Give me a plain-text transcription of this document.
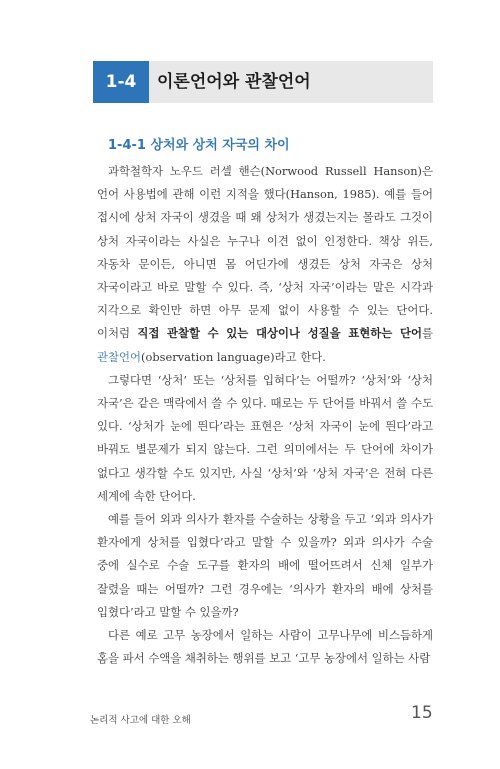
1-4	이론언어와 관찰언어
1-4-1 상처와 상처 자국의 차이

과학철학자 노우드 러셀 핸슨(Norwood Russell Hanson)은 언어 사용법에 관해 이런 지적을 했다(Hanson, 1985). 예를 들어 접시에 상처 자국이 생겼을 때 왜 상처가 생겼는지는 몰라도 그것이 상처 자국이라는 사실은 누구나 이견 없이 인정한다. 책상 위든, 자동차 문이든, 아니면 몸 어딘가에 생겼든 상처 자국은 상처 자국이라고 바로 말할 수 있다. 즉, ‘상처 자국’이라는 말은 시각과 지각으로 확인만 하면 아무 문제 없이 사용할 수 있는 단어다. 이처럼 직접 관찰할 수 있는 대상이나 성질을 표현하는 단어를 관찰언어(observation language)라고 한다.

그렇다면 ‘상처’ 또는 ‘상처를 입혀다’는 어떨까? ‘상처’와 ‘상처 자국’은 같은 맥락에서 쓸 수 있다. 때로는 두 단어를 바꿔서 쓸 수도 있다. ‘상처가 눈에 띈다’라는 표현은 ‘상처 자국이 눈에 띈다’라고 바꿔도 별문제가 되지 않는다. 그런 의미에서는 두 단어에 차이가 없다고 생각할 수도 있지만, 사실 ‘상처’와 ‘상처 자국’은 전혀 다른 세계에 속한 단어다.

예를 들어 외과 의사가 환자를 수술하는 상황을 두고 ‘외과 의사가 환자에게 상처를 입혔다’라고 말할 수 있을까? 외과 의사가 수술 중에 실수로 수술 도구를 환자의 배에 떨어뜨려서 신체 일부가 잘렸을 때는 어떨까? 그런 경우에는 ‘의사가 환자의 배에 상처를 입혔다’라고 말할 수 있을까?

다른 예로 고무 농장에서 일하는 사람이 고무나무에 비스듬하게 홈을 파서 수액을 채취하는 행위를 보고 ‘고무 농장에서 일하는 사람

논리적 사고에 대한 오해	15
